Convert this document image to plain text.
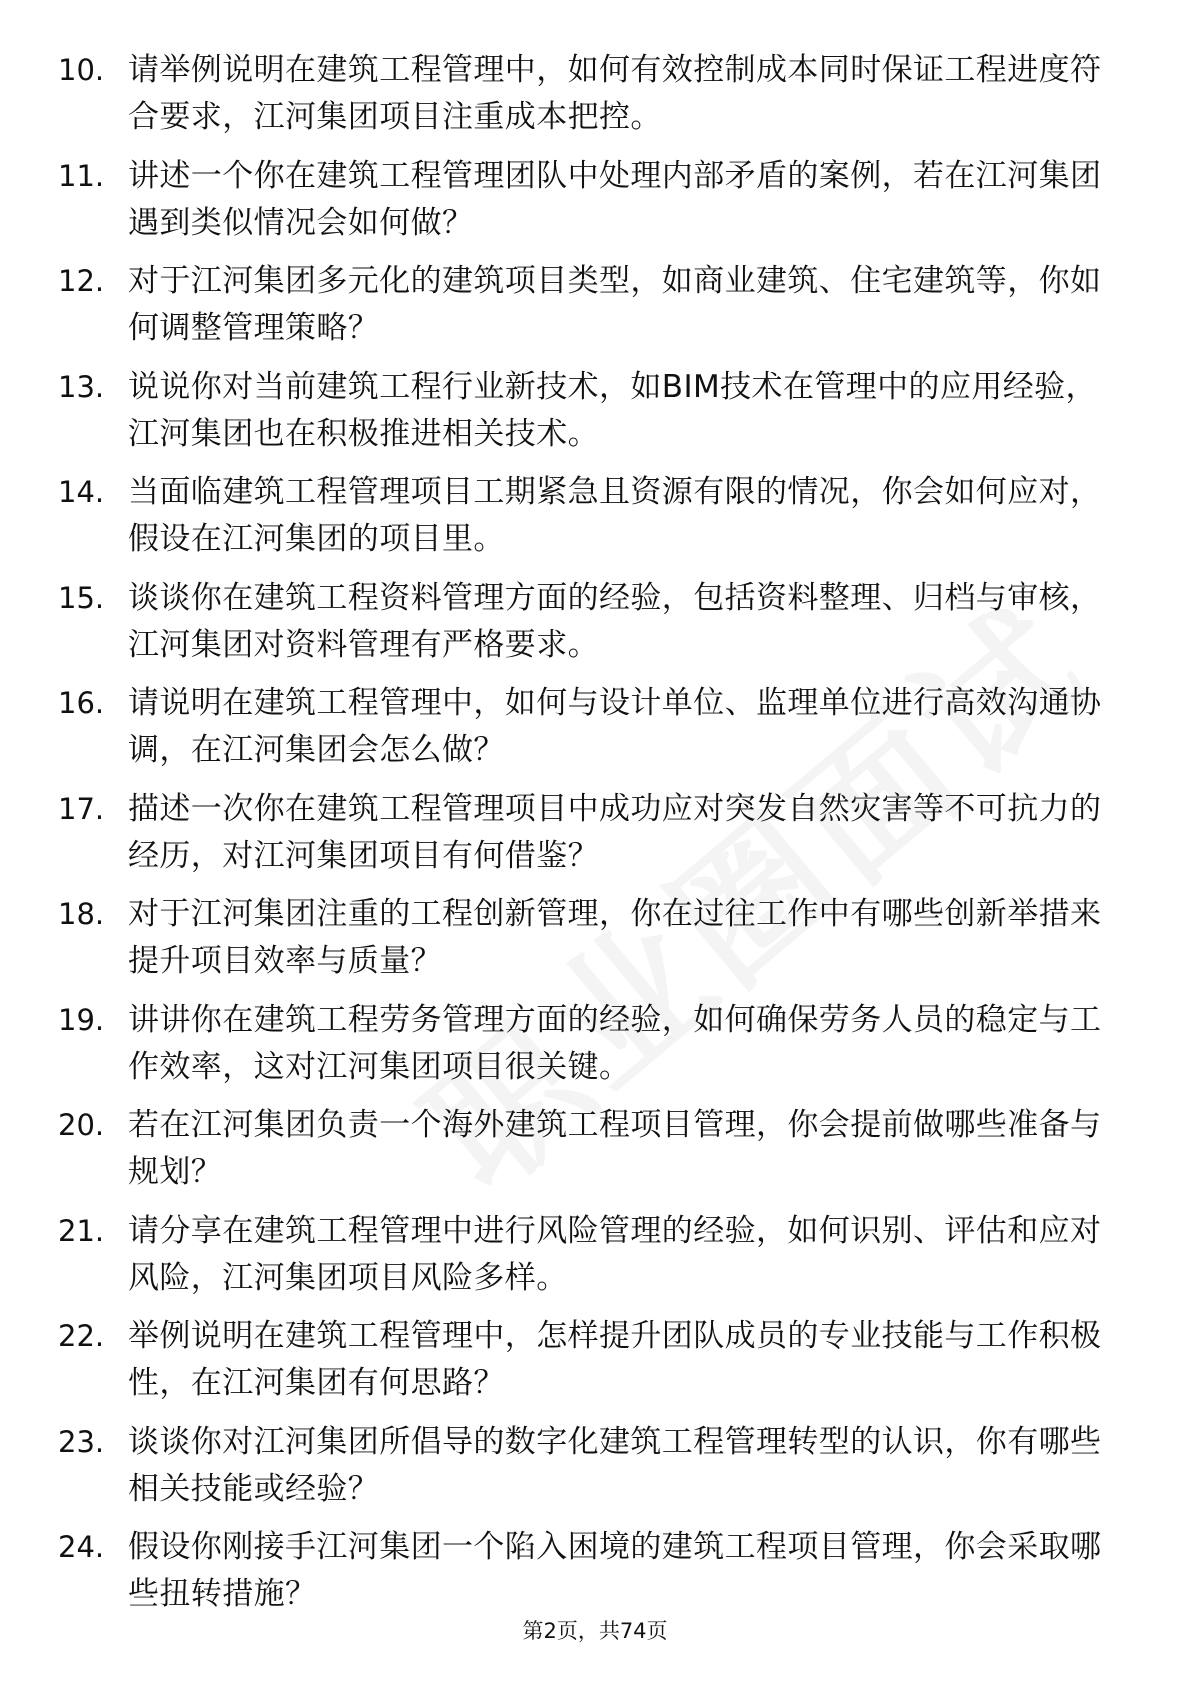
10. 请举例说明在建筑工程管理中，如何有效控制成本同时保证工程进度符合要求，江河集团项目注重成本把控。
11. 讲述一个你在建筑工程管理团队中处理内部矛盾的案例，若在江河集团遇到类似情况会如何做？
12. 对于江河集团多元化的建筑项目类型，如商业建筑、住宅建筑等，你如何调整管理策略？
13. 说说你对当前建筑工程行业新技术，如BIM技术在管理中的应用经验，江河集团也在积极推进相关技术。
14. 当面临建筑工程管理项目工期紧急且资源有限的情况，你会如何应对，假设在江河集团的项目里。
15. 谈谈你在建筑工程资料管理方面的经验，包括资料整理、归档与审核，江河集团对资料管理有严格要求。
16. 请说明在建筑工程管理中，如何与设计单位、监理单位进行高效沟通协调，在江河集团会怎么做？
17. 描述一次你在建筑工程管理项目中成功应对突发自然灾害等不可抗力的经历，对江河集团项目有何借鉴？
18. 对于江河集团注重的工程创新管理，你在过往工作中有哪些创新举措来提升项目效率与质量？
19. 讲讲你在建筑工程劳务管理方面的经验，如何确保劳务人员的稳定与工作效率，这对江河集团项目很关键。
20. 若在江河集团负责一个海外建筑工程项目管理，你会提前做哪些准备与规划？
21. 请分享在建筑工程管理中进行风险管理的经验，如何识别、评估和应对风险，江河集团项目风险多样。
22. 举例说明在建筑工程管理中，怎样提升团队成员的专业技能与工作积极性，在江河集团有何思路？
23. 谈谈你对江河集团所倡导的数字化建筑工程管理转型的认识，你有哪些相关技能或经验？
24. 假设你刚接手江河集团一个陷入困境的建筑工程项目管理，你会采取哪些扭转措施？
第2页，共74页
